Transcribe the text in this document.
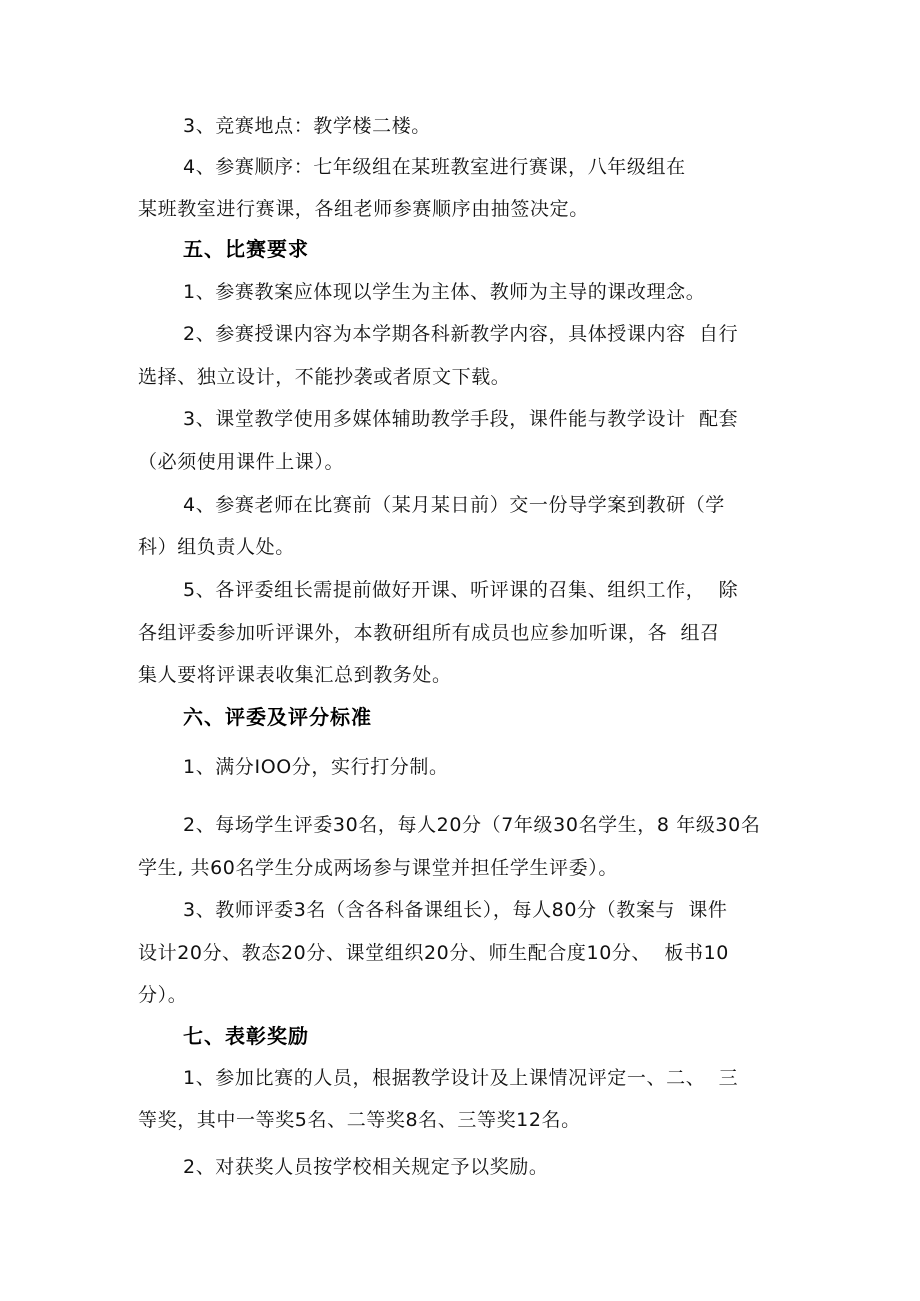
3、竞赛地点：教学楼二楼。
4、参赛顺序：七年级组在某班教室进行赛课，八年级组在
某班教室进行赛课，各组老师参赛顺序由抽签决定。
五、比赛要求
1、参赛教案应体现以学生为主体、教师为主导的课改理念。
2、参赛授课内容为本学期各科新教学内容，具体授课内容  自行
选择、独立设计，不能抄袭或者原文下载。
3、课堂教学使用多媒体辅助教学手段，课件能与教学设计  配套
（必须使用课件上课）。
4、参赛老师在比赛前（某月某日前）交一份导学案到教研（学
科）组负责人处。
5、各评委组长需提前做好开课、听评课的召集、组织工作，  除
各组评委参加听评课外，本教研组所有成员也应参加听课，各  组召
集人要将评课表收集汇总到教务处。
六、评委及评分标准
1、满分IOO分，实行打分制。
2、每场学生评委30名，每人20分（7年级30名学生，8 年级30名
学生, 共60名学生分成两场参与课堂并担任学生评委）。
3、教师评委3名（含各科备课组长），每人80分（教案与  课件
设计20分、教态20分、课堂组织20分、师生配合度10分、  板书10
分）。
七、表彰奖励
1、参加比赛的人员，根据教学设计及上课情况评定一、二、  三
等奖，其中一等奖5名、二等奖8名、三等奖12名。
2、对获奖人员按学校相关规定予以奖励。
